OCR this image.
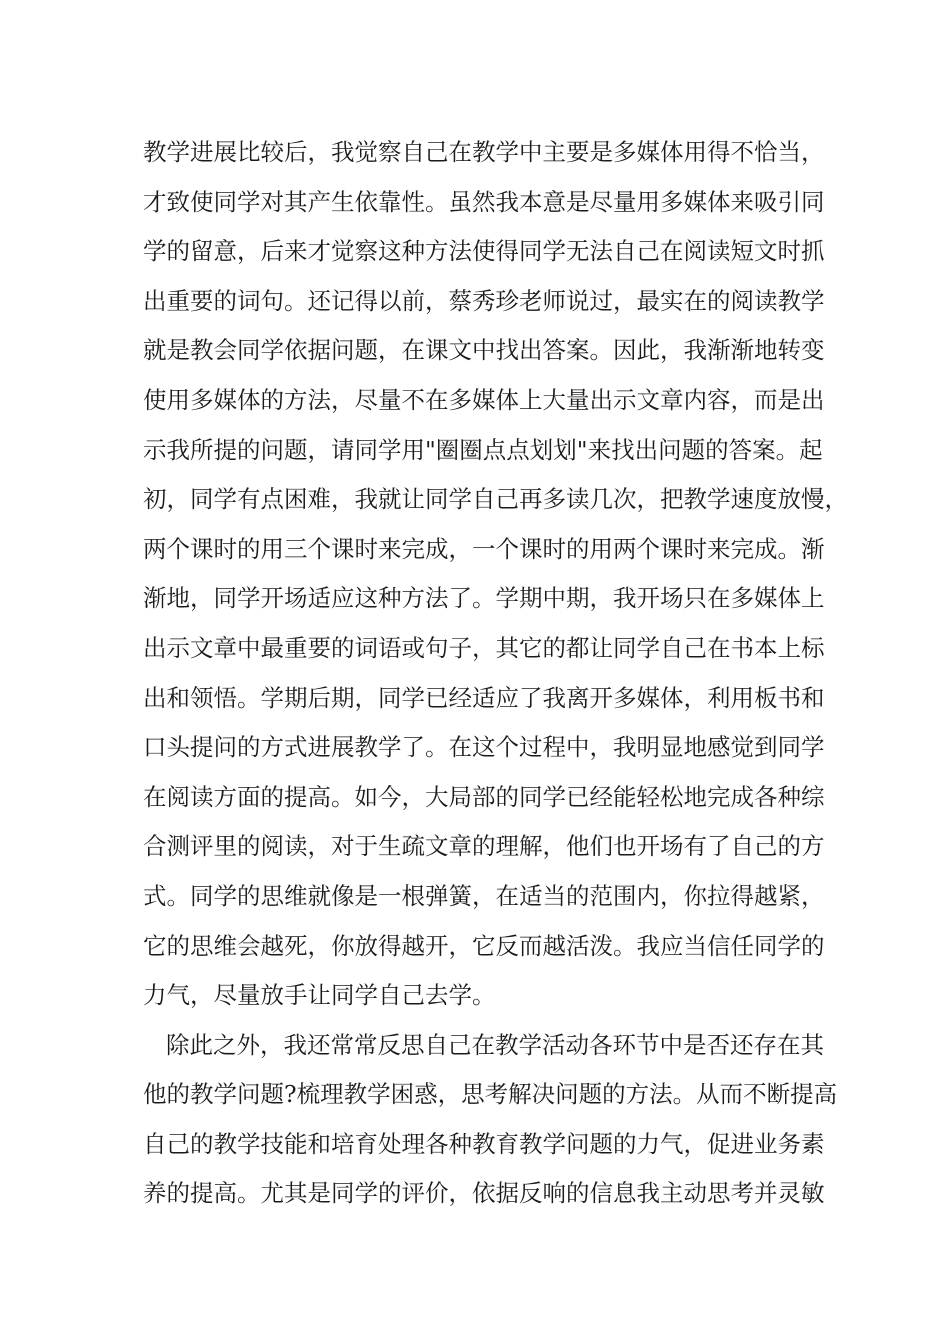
教学进展比较后，我觉察自己在教学中主要是多媒体用得不恰当，
才致使同学对其产生依靠性。虽然我本意是尽量用多媒体来吸引同
学的留意，后来才觉察这种方法使得同学无法自己在阅读短文时抓
出重要的词句。还记得以前，蔡秀珍老师说过，最实在的阅读教学
就是教会同学依据问题，在课文中找出答案。因此，我渐渐地转变
使用多媒体的方法，尽量不在多媒体上大量出示文章内容，而是出
示我所提的问题，请同学用"圈圈点点划划"来找出问题的答案。起
初，同学有点困难，我就让同学自己再多读几次，把教学速度放慢，
两个课时的用三个课时来完成，一个课时的用两个课时来完成。渐
渐地，同学开场适应这种方法了。学期中期，我开场只在多媒体上
出示文章中最重要的词语或句子，其它的都让同学自己在书本上标
出和领悟。学期后期，同学已经适应了我离开多媒体，利用板书和
口头提问的方式进展教学了。在这个过程中，我明显地感觉到同学
在阅读方面的提高。如今，大局部的同学已经能轻松地完成各种综
合测评里的阅读，对于生疏文章的理解，他们也开场有了自己的方
式。同学的思维就像是一根弹簧，在适当的范围内，你拉得越紧，
它的思维会越死，你放得越开，它反而越活泼。我应当信任同学的
力气，尽量放手让同学自己去学。
除此之外，我还常常反思自己在教学活动各环节中是否还存在其
他的教学问题?梳理教学困惑，思考解决问题的方法。从而不断提高
自己的教学技能和培育处理各种教育教学问题的力气，促进业务素
养的提高。尤其是同学的评价，依据反响的信息我主动思考并灵敏
